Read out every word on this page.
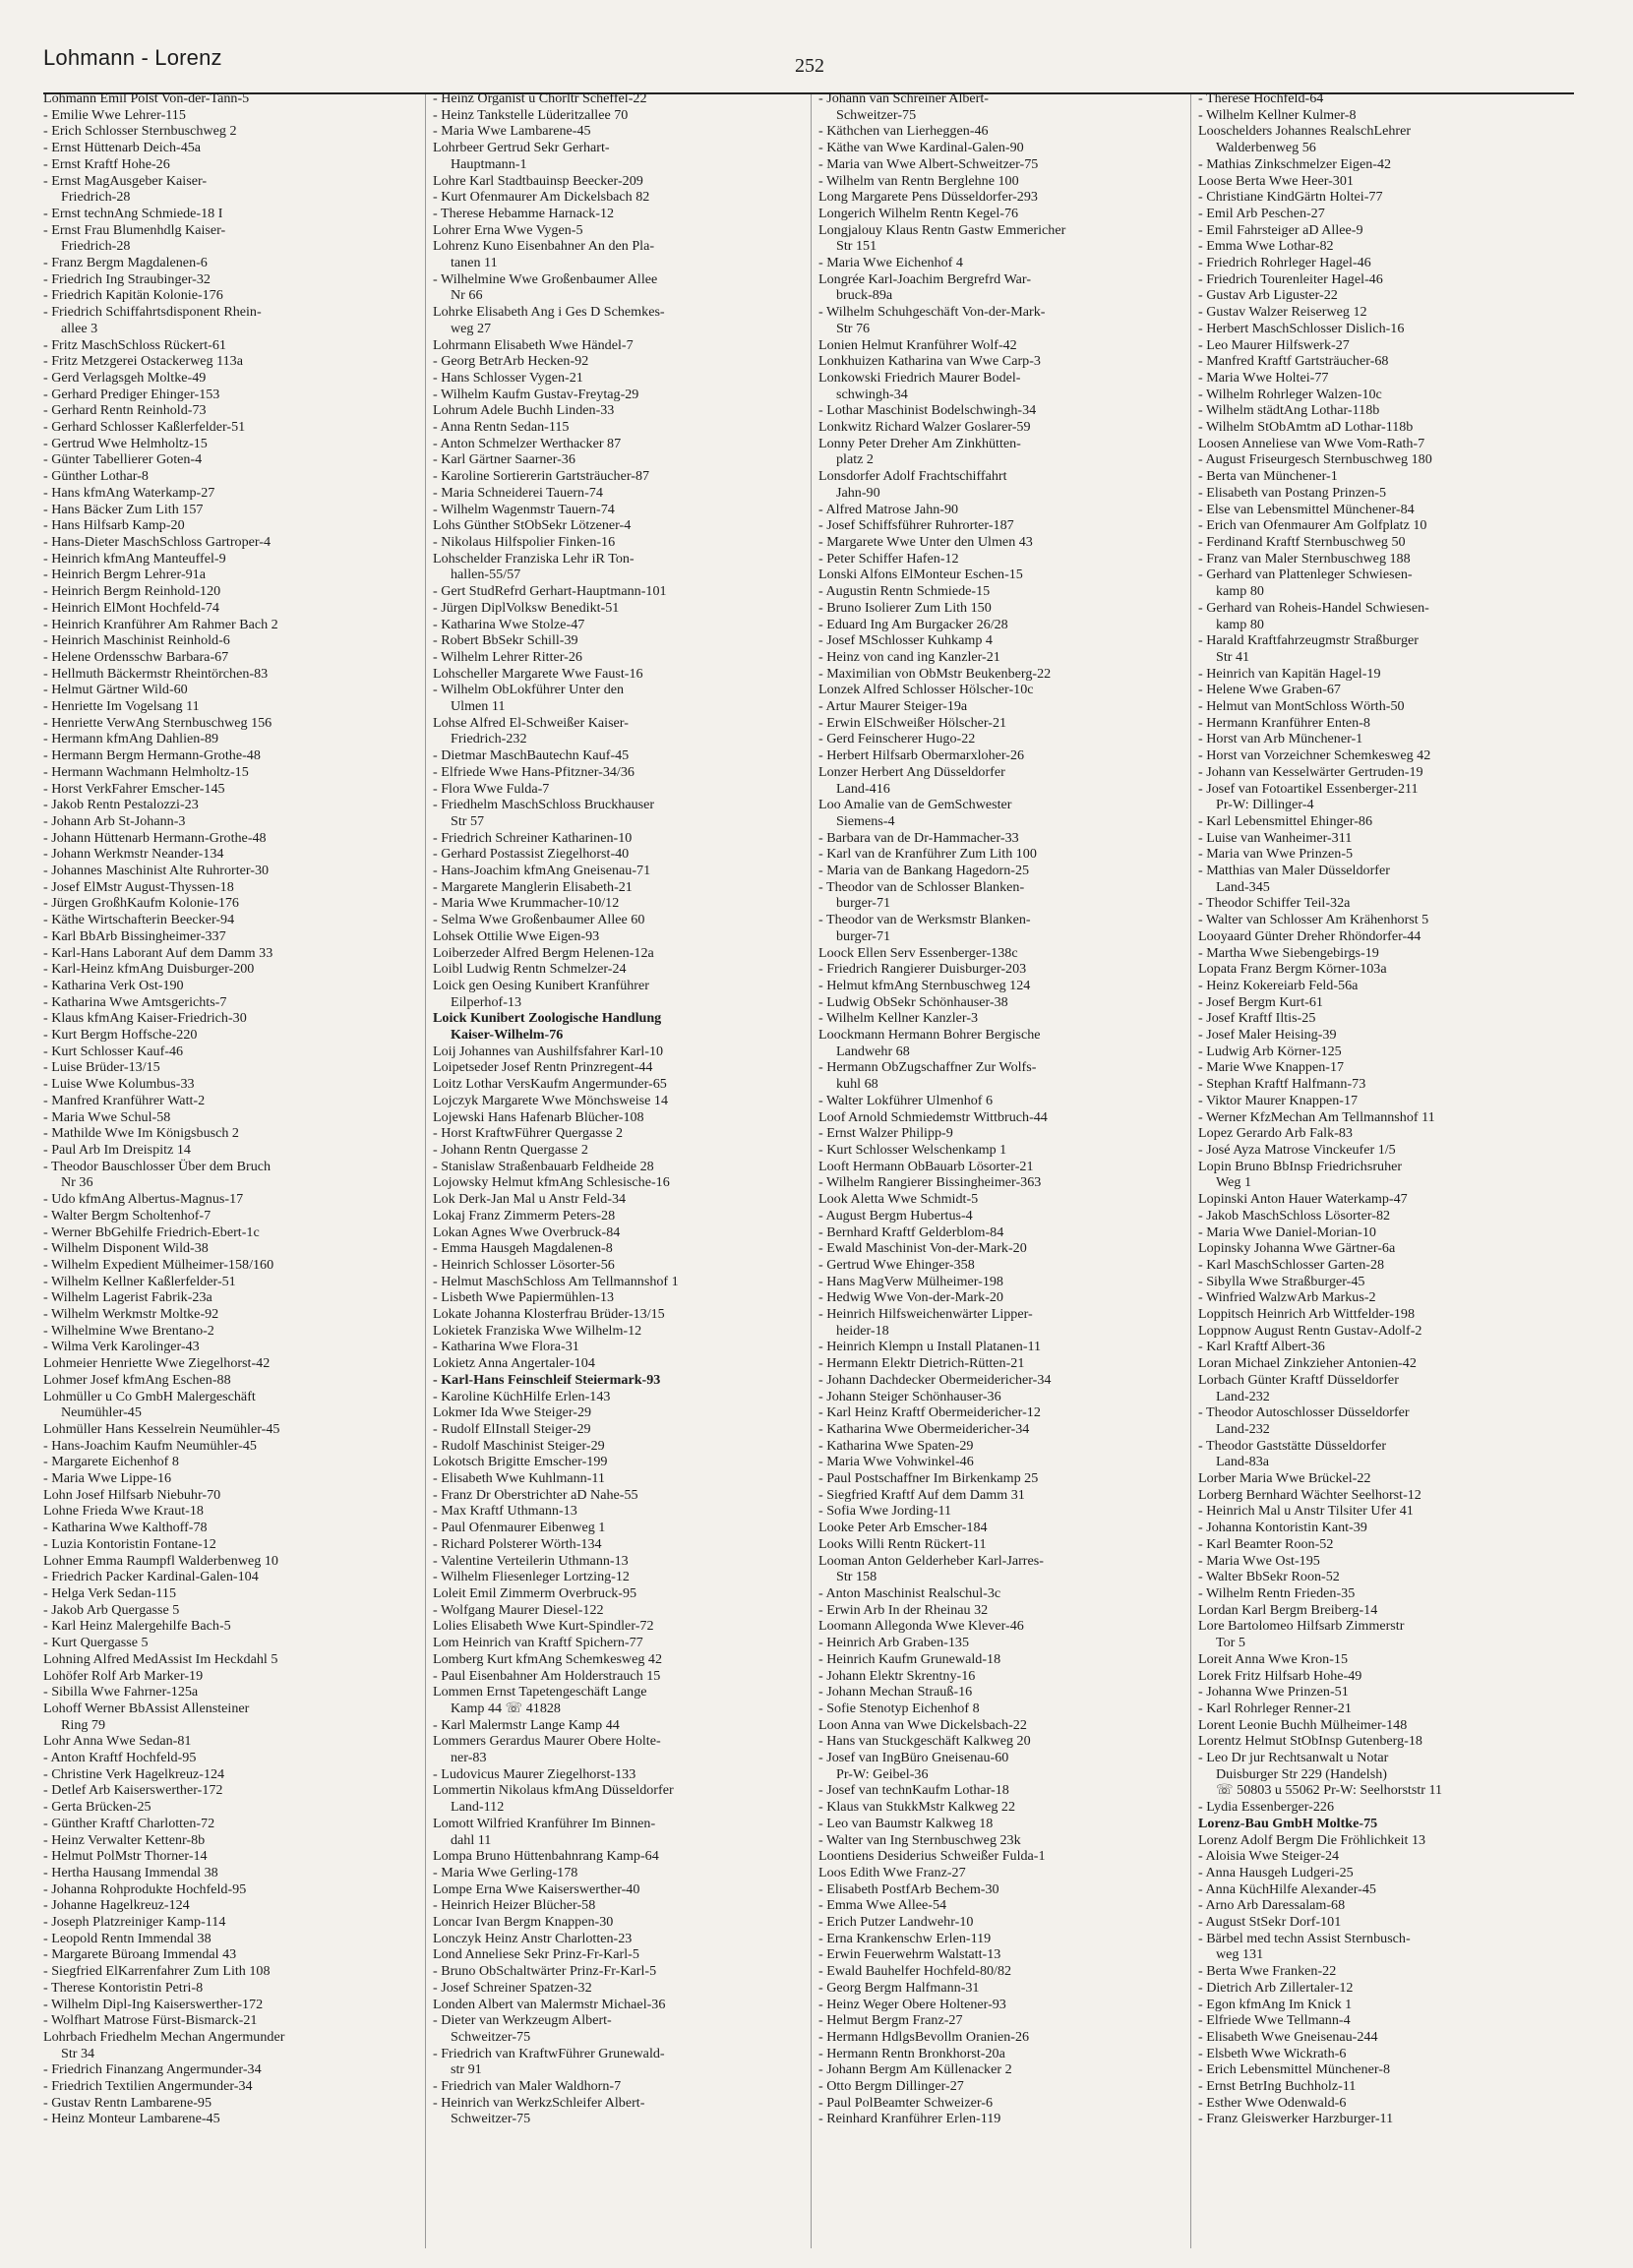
Lohmann - Lorenz	252
Lohmann Emil Polst Von-der-Tann-5
- Emilie Wwe Lehrer-115
- Erich Schlosser Sternbuschweg 2
- Ernst Hüttenarb Deich-45a
- Ernst Kraftf Hohe-26
- Ernst MagAusgeber Kaiser-
Friedrich-28
- Ernst technAng Schmiede-18 I
- Ernst Frau Blumenhdlg Kaiser-
Friedrich-28
- Franz Bergm Magdalenen-6
- Friedrich Ing Straubinger-32
- Friedrich Kapitän Kolonie-176
- Friedrich Schiffahrtsdisponent Rhein-
allee 3
- Fritz MaschSchloss Rückert-61
- Fritz Metzgerei Ostackerweg 113a
- Gerd Verlagsgeh Moltke-49
- Gerhard Prediger Ehinger-153
- Gerhard Rentn Reinhold-73
- Gerhard Schlosser Kaßlerfelder-51
- Gertrud Wwe Helmholtz-15
- Günter Tabellierer Goten-4
- Günther Lothar-8
- Hans kfmAng Waterkamp-27
- Hans Bäcker Zum Lith 157
- Hans Hilfsarb Kamp-20
- Hans-Dieter MaschSchloss Gartroper-4
- Heinrich kfmAng Manteuffel-9
- Heinrich Bergm Lehrer-91a
- Heinrich Bergm Reinhold-120
- Heinrich ElMont Hochfeld-74
- Heinrich Kranführer Am Rahmer Bach 2
- Heinrich Maschinist Reinhold-6
- Helene Ordensschw Barbara-67
- Hellmuth Bäckermstr Rheintörchen-83
- Helmut Gärtner Wild-60
- Henriette Im Vogelsang 11
- Henriette VerwAng Sternbuschweg 156
- Hermann kfmAng Dahlien-89
- Hermann Bergm Hermann-Grothe-48
- Hermann Wachmann Helmholtz-15
- Horst VerkFahrer Emscher-145
- Jakob Rentn Pestalozzi-23
- Johann Arb St-Johann-3
- Johann Hüttenarb Hermann-Grothe-48
- Johann Werkmstr Neander-134
- Johannes Maschinist Alte Ruhrorter-30
- Josef ElMstr August-Thyssen-18
- Jürgen GroßhKaufm Kolonie-176
- Käthe Wirtschafterin Beecker-94
- Karl BbArb Bissingheimer-337
- Karl-Hans Laborant Auf dem Damm 33
- Karl-Heinz kfmAng Duisburger-200
- Katharina Verk Ost-190
- Katharina Wwe Amtsgerichts-7
- Klaus kfmAng Kaiser-Friedrich-30
- Kurt Bergm Hoffsche-220
- Kurt Schlosser Kauf-46
- Luise Brüder-13/15
- Luise Wwe Kolumbus-33
- Manfred Kranführer Watt-2
- Maria Wwe Schul-58
- Mathilde Wwe Im Königsbusch 2
- Paul Arb Im Dreispitz 14
- Theodor Bauschlosser Über dem Bruch
Nr 36
- Udo kfmAng Albertus-Magnus-17
- Walter Bergm Scholtenhof-7
- Werner BbGehilfe Friedrich-Ebert-1c
- Wilhelm Disponent Wild-38
- Wilhelm Expedient Mülheimer-158/160
- Wilhelm Kellner Kaßlerfelder-51
- Wilhelm Lagerist Fabrik-23a
- Wilhelm Werkmstr Moltke-92
- Wilhelmine Wwe Brentano-2
- Wilma Verk Karolinger-43
Lohmeier Henriette Wwe Ziegelhorst-42
Lohmer Josef kfmAng Eschen-88
Lohmüller u Co GmbH Malergeschäft
Neumühler-45
Lohmüller Hans Kesselrein Neumühler-45
- Hans-Joachim Kaufm Neumühler-45
- Margarete Eichenhof 8
- Maria Wwe Lippe-16
Lohn Josef Hilfsarb Niebuhr-70
Lohne Frieda Wwe Kraut-18
- Katharina Wwe Kalthoff-78
- Luzia Kontoristin Fontane-12
Lohner Emma Raumpfl Walderbenweg 10
- Friedrich Packer Kardinal-Galen-104
- Helga Verk Sedan-115
- Jakob Arb Quergasse 5
- Karl Heinz Malergehilfe Bach-5
- Kurt Quergasse 5
Lohning Alfred MedAssist Im Heckdahl 5
Lohöfer Rolf Arb Marker-19
- Sibilla Wwe Fahrner-125a
Lohoff Werner BbAssist Allensteiner
Ring 79
Lohr Anna Wwe Sedan-81
- Anton Kraftf Hochfeld-95
- Christine Verk Hagelkreuz-124
- Detlef Arb Kaiserswerther-172
- Gerta Brücken-25
- Günther Kraftf Charlotten-72
- Heinz Verwalter Kettenr-8b
- Helmut PolMstr Thorner-14
- Hertha Hausang Immendal 38
- Johanna Rohprodukte Hochfeld-95
- Johanne Hagelkreuz-124
- Joseph Platzreiniger Kamp-114
- Leopold Rentn Immendal 38
- Margarete Büroang Immendal 43
- Siegfried ElKarrenfahrer Zum Lith 108
- Therese Kontoristin Petri-8
- Wilhelm Dipl-Ing Kaiserswerther-172
- Wolfhart Matrose Fürst-Bismarck-21
Lohrbach Friedhelm Mechan Angermunder
Str 34
- Friedrich Finanzang Angermunder-34
- Friedrich Textilien Angermunder-34
- Gustav Rentn Lambarene-95
- Heinz Monteur Lambarene-45
- Heinz Organist u Chorltr Scheffel-22
- Heinz Tankstelle Lüderitzallee 70
- Maria Wwe Lambarene-45
Lohrbeer Gertrud Sekr Gerhart-
Hauptmann-1
Lohre Karl Stadtbauinsp Beecker-209
- Kurt Ofenmaurer Am Dickelsbach 82
- Therese Hebamme Harnack-12
Lohrer Erna Wwe Vygen-5
Lohrenz Kuno Eisenbahner An den Pla-
tanen 11
- Wilhelmine Wwe Großenbaumer Allee
Nr 66
Lohrke Elisabeth Ang i Ges D Schemkes-
weg 27
Lohrmann Elisabeth Wwe Händel-7
- Georg BetrArb Hecken-92
- Hans Schlosser Vygen-21
- Wilhelm Kaufm Gustav-Freytag-29
Lohrum Adele Buchh Linden-33
- Anna Rentn Sedan-115
- Anton Schmelzer Werthacker 87
- Karl Gärtner Saarner-36
- Karoline Sortiererin Gartsträucher-87
- Maria Schneiderei Tauern-74
- Wilhelm Wagenmstr Tauern-74
Lohs Günther StObSekr Lötzener-4
- Nikolaus Hilfspolier Finken-16
Lohschelder Franziska Lehr iR Ton-
hallen-55/57
- Gert StudRefrd Gerhart-Hauptmann-101
- Jürgen DiplVolksw Benedikt-51
- Katharina Wwe Stolze-47
- Robert BbSekr Schill-39
- Wilhelm Lehrer Ritter-26
Lohscheller Margarete Wwe Faust-16
- Wilhelm ObLokführer Unter den
Ulmen 11
Lohse Alfred El-Schweißer Kaiser-
Friedrich-232
- Dietmar MaschBautechn Kauf-45
- Elfriede Wwe Hans-Pfitzner-34/36
- Flora Wwe Fulda-7
- Friedhelm MaschSchloss Bruckhauser
Str 57
- Friedrich Schreiner Katharinen-10
- Gerhard Postassist Ziegelhorst-40
- Hans-Joachim kfmAng Gneisenau-71
- Margarete Manglerin Elisabeth-21
- Maria Wwe Krummacher-10/12
- Selma Wwe Großenbaumer Allee 60
Lohsek Ottilie Wwe Eigen-93
Loiberzeder Alfred Bergm Helenen-12a
Loibl Ludwig Rentn Schmelzer-24
Loick gen Oesing Kunibert Kranführer
Eilperhof-13
Loick Kunibert Zoologische Handlung
Kaiser-Wilhelm-76
Loij Johannes van Aushilfsfahrer Karl-10
Loipetseder Josef Rentn Prinzregent-44
Loitz Lothar VersKaufm Angermunder-65
Lojczyk Margarete Wwe Mönchsweise 14
Lojewski Hans Hafenarb Blücher-108
- Horst KraftwFührer Quergasse 2
- Johann Rentn Quergasse 2
- Stanislaw Straßenbauarb Feldheide 28
Lojowsky Helmut kfmAng Schlesische-16
Lok Derk-Jan Mal u Anstr Feld-34
Lokaj Franz Zimmerm Peters-28
Lokan Agnes Wwe Overbruck-84
- Emma Hausgeh Magdalenen-8
- Heinrich Schlosser Lösorter-56
- Helmut MaschSchloss Am Tellmannshof 1
- Lisbeth Wwe Papiermühlen-13
Lokate Johanna Klosterfrau Brüder-13/15
Lokietek Franziska Wwe Wilhelm-12
- Katharina Wwe Flora-31
Lokietz Anna Angertaler-104
- Karl-Hans Feinschleif Steiermark-93
- Karoline KüchHilfe Erlen-143
Lokmer Ida Wwe Steiger-29
- Rudolf ElInstall Steiger-29
- Rudolf Maschinist Steiger-29
Lokotsch Brigitte Emscher-199
- Elisabeth Wwe Kuhlmann-11
- Franz Dr Oberstrichter aD Nahe-55
- Max Kraftf Uthmann-13
- Paul Ofenmaurer Eibenweg 1
- Richard Polsterer Wörth-134
- Valentine Verteilerin Uthmann-13
- Wilhelm Fliesenleger Lortzing-12
Loleit Emil Zimmerm Overbruck-95
- Wolfgang Maurer Diesel-122
Lolies Elisabeth Wwe Kurt-Spindler-72
Lom Heinrich van Kraftf Spichern-77
Lomberg Kurt kfmAng Schemkesweg 42
- Paul Eisenbahner Am Holderstrauch 15
Lommen Ernst Tapetengeschäft Lange
Kamp 44 ☏ 41828
- Karl Malermstr Lange Kamp 44
Lommers Gerardus Maurer Obere Holte-
ner-83
- Ludovicus Maurer Ziegelhorst-133
Lommertin Nikolaus kfmAng Düsseldorfer
Land-112
Lomott Wilfried Kranführer Im Binnen-
dahl 11
Lompa Bruno Hüttenbahnrang Kamp-64
- Maria Wwe Gerling-178
Lompe Erna Wwe Kaiserswerther-40
- Heinrich Heizer Blücher-58
Loncar Ivan Bergm Knappen-30
Lonczyk Heinz Anstr Charlotten-23
Lond Anneliese Sekr Prinz-Fr-Karl-5
- Bruno ObSchaltwärter Prinz-Fr-Karl-5
- Josef Schreiner Spatzen-32
Londen Albert van Malermstr Michael-36
- Dieter van Werkzeugm Albert-
Schweitzer-75
- Friedrich van KraftwFührer Grunewald-
str 91
- Friedrich van Maler Waldhorn-7
- Heinrich van WerkzSchleifer Albert-
Schweitzer-75
- Johann van Schreiner Albert-
Schweitzer-75
- Käthchen van Lierheggen-46
- Käthe van Wwe Kardinal-Galen-90
- Maria van Wwe Albert-Schweitzer-75
- Wilhelm van Rentn Berglehne 100
Long Margarete Pens Düsseldorfer-293
Longerich Wilhelm Rentn Kegel-76
Longjalouy Klaus Rentn Gastw Emmericher
Str 151
- Maria Wwe Eichenhof 4
Longrée Karl-Joachim Bergrefrd War-
bruck-89a
- Wilhelm Schuhgeschäft Von-der-Mark-
Str 76
Lonien Helmut Kranführer Wolf-42
Lonkhuizen Katharina van Wwe Carp-3
Lonkowski Friedrich Maurer Bodel-
schwingh-34
- Lothar Maschinist Bodelschwingh-34
Lonkwitz Richard Walzer Goslarer-59
Lonny Peter Dreher Am Zinkhütten-
platz 2
Lonsdorfer Adolf Frachtschiffahrt
Jahn-90
- Alfred Matrose Jahn-90
- Josef Schiffsführer Ruhrorter-187
- Margarete Wwe Unter den Ulmen 43
- Peter Schiffer Hafen-12
Lonski Alfons ElMonteur Eschen-15
- Augustin Rentn Schmiede-15
- Bruno Isolierer Zum Lith 150
- Eduard Ing Am Burgacker 26/28
- Josef MSchlosser Kuhkamp 4
- Heinz von cand ing Kanzler-21
- Maximilian von ObMstr Beukenberg-22
Lonzek Alfred Schlosser Hölscher-10c
- Artur Maurer Steiger-19a
- Erwin ElSchweißer Hölscher-21
- Gerd Feinscherer Hugo-22
- Herbert Hilfsarb Obermarxloher-26
Lonzer Herbert Ang Düsseldorfer
Land-416
Loo Amalie van de GemSchwester
Siemens-4
- Barbara van de Dr-Hammacher-33
- Karl van de Kranführer Zum Lith 100
- Maria van de Bankang Hagedorn-25
- Theodor van de Schlosser Blanken-
burger-71
- Theodor van de Werksmstr Blanken-
burger-71
Loock Ellen Serv Essenberger-138c
- Friedrich Rangierer Duisburger-203
- Helmut kfmAng Sternbuschweg 124
- Ludwig ObSekr Schönhauser-38
- Wilhelm Kellner Kanzler-3
Loockmann Hermann Bohrer Bergische
Landwehr 68
- Hermann ObZugschaffner Zur Wolfs-
kuhl 68
- Walter Lokführer Ulmenhof 6
Loof Arnold Schmiedemstr Wittbruch-44
- Ernst Walzer Philipp-9
- Kurt Schlosser Welschenkamp 1
Looft Hermann ObBauarb Lösorter-21
- Wilhelm Rangierer Bissingheimer-363
Look Aletta Wwe Schmidt-5
- August Bergm Hubertus-4
- Bernhard Kraftf Gelderblom-84
- Ewald Maschinist Von-der-Mark-20
- Gertrud Wwe Ehinger-358
- Hans MagVerw Mülheimer-198
- Hedwig Wwe Von-der-Mark-20
- Heinrich Hilfsweichenwärter Lipper-
heider-18
- Heinrich Klempn u Install Platanen-11
- Hermann Elektr Dietrich-Rütten-21
- Johann Dachdecker Obermeidericher-34
- Johann Steiger Schönhauser-36
- Karl Heinz Kraftf Obermeidericher-12
- Katharina Wwe Obermeidericher-34
- Katharina Wwe Spaten-29
- Maria Wwe Vohwinkel-46
- Paul Postschaffner Im Birkenkamp 25
- Siegfried Kraftf Auf dem Damm 31
- Sofia Wwe Jording-11
Looke Peter Arb Emscher-184
Looks Willi Rentn Rückert-11
Looman Anton Gelderheber Karl-Jarres-
Str 158
- Anton Maschinist Realschul-3c
- Erwin Arb In der Rheinau 32
Loomann Allegonda Wwe Klever-46
- Heinrich Arb Graben-135
- Heinrich Kaufm Grunewald-18
- Johann Elektr Skrentny-16
- Johann Mechan Strauß-16
- Sofie Stenotyp Eichenhof 8
Loon Anna van Wwe Dickelsbach-22
- Hans van Stuckgeschäft Kalkweg 20
- Josef van IngBüro Gneisenau-60
Pr-W: Geibel-36
- Josef van technKaufm Lothar-18
- Klaus van StukkMstr Kalkweg 22
- Leo van Baumstr Kalkweg 18
- Walter van Ing Sternbuschweg 23k
Loontiens Desiderius Schweißer Fulda-1
Loos Edith Wwe Franz-27
- Elisabeth PostfArb Bechem-30
- Emma Wwe Allee-54
- Erich Putzer Landwehr-10
- Erna Krankenschw Erlen-119
- Erwin Feuerwehrm Walstatt-13
- Ewald Bauhelfer Hochfeld-80/82
- Georg Bergm Halfmann-31
- Heinz Weger Obere Holtener-93
- Helmut Bergm Franz-27
- Hermann HdlgsBevollm Oranien-26
- Hermann Rentn Bronkhorst-20a
- Johann Bergm Am Küllenacker 2
- Otto Bergm Dillinger-27
- Paul PolBeamter Schweizer-6
- Reinhard Kranführer Erlen-119
- Therese Hochfeld-64
- Wilhelm Kellner Kulmer-8
Looschelders Johannes RealschLehrer
Walderbenweg 56
- Mathias Zinkschmelzer Eigen-42
Loose Berta Wwe Heer-301
- Christiane KindGärtn Holtei-77
- Emil Arb Peschen-27
- Emil Fahrsteiger aD Allee-9
- Emma Wwe Lothar-82
- Friedrich Rohrleger Hagel-46
- Friedrich Tourenleiter Hagel-46
- Gustav Arb Liguster-22
- Gustav Walzer Reiserweg 12
- Herbert MaschSchlosser Dislich-16
- Leo Maurer Hilfswerk-27
- Manfred Kraftf Gartsträucher-68
- Maria Wwe Holtei-77
- Wilhelm Rohrleger Walzen-10c
- Wilhelm städtAng Lothar-118b
- Wilhelm StObAmtm aD Lothar-118b
Loosen Anneliese van Wwe Vom-Rath-7
- August Friseurgesch Sternbuschweg 180
- Berta van Münchener-1
- Elisabeth van Postang Prinzen-5
- Else van Lebensmittel Münchener-84
- Erich van Ofenmaurer Am Golfplatz 10
- Ferdinand Kraftf Sternbuschweg 50
- Franz van Maler Sternbuschweg 188
- Gerhard van Plattenleger Schwiesen-
kamp 80
- Gerhard van Roheis-Handel Schwiesen-
kamp 80
- Harald Kraftfahrzeugmstr Straßburger
Str 41
- Heinrich van Kapitän Hagel-19
- Helene Wwe Graben-67
- Helmut van MontSchloss Wörth-50
- Hermann Kranführer Enten-8
- Horst van Arb Münchener-1
- Horst van Vorzeichner Schemkesweg 42
- Johann van Kesselwärter Gertruden-19
- Josef van Fotoartikel Essenberger-211
Pr-W: Dillinger-4
- Karl Lebensmittel Ehinger-86
- Luise van Wanheimer-311
- Maria van Wwe Prinzen-5
- Matthias van Maler Düsseldorfer
Land-345
- Theodor Schiffer Teil-32a
- Walter van Schlosser Am Krähenhorst 5
Looyaard Günter Dreher Rhöndorfer-44
- Martha Wwe Siebengebirgs-19
Lopata Franz Bergm Körner-103a
- Heinz Kokereiarb Feld-56a
- Josef Bergm Kurt-61
- Josef Kraftf Iltis-25
- Josef Maler Heising-39
- Ludwig Arb Körner-125
- Marie Wwe Knappen-17
- Stephan Kraftf Halfmann-73
- Viktor Maurer Knappen-17
- Werner KfzMechan Am Tellmannshof 11
Lopez Gerardo Arb Falk-83
- José Ayza Matrose Vinckeufer 1/5
Lopin Bruno BbInsp Friedrichsruher
Weg 1
Lopinski Anton Hauer Waterkamp-47
- Jakob MaschSchloss Lösorter-82
- Maria Wwe Daniel-Morian-10
Lopinsky Johanna Wwe Gärtner-6a
- Karl MaschSchlosser Garten-28
- Sibylla Wwe Straßburger-45
- Winfried WalzwArb Markus-2
Loppitsch Heinrich Arb Wittfelder-198
Loppnow August Rentn Gustav-Adolf-2
- Karl Kraftf Albert-36
Loran Michael Zinkzieher Antonien-42
Lorbach Günter Kraftf Düsseldorfer
Land-232
- Theodor Autoschlosser Düsseldorfer
Land-232
- Theodor Gaststätte Düsseldorfer
Land-83a
Lorber Maria Wwe Brückel-22
Lorberg Bernhard Wächter Seelhorst-12
- Heinrich Mal u Anstr Tilsiter Ufer 41
- Johanna Kontoristin Kant-39
- Karl Beamter Roon-52
- Maria Wwe Ost-195
- Walter BbSekr Roon-52
- Wilhelm Rentn Frieden-35
Lordan Karl Bergm Breiberg-14
Lore Bartolomeo Hilfsarb Zimmerstr
Tor 5
Loreit Anna Wwe Kron-15
Lorek Fritz Hilfsarb Hohe-49
- Johanna Wwe Prinzen-51
- Karl Rohrleger Renner-21
Lorent Leonie Buchh Mülheimer-148
Lorentz Helmut StObInsp Gutenberg-18
- Leo Dr jur Rechtsanwalt u Notar
Duisburger Str 229 (Handelsh)
☏ 50803 u 55062 Pr-W: Seelhorststr 11
- Lydia Essenberger-226
Lorenz-Bau GmbH Moltke-75
Lorenz Adolf Bergm Die Fröhlichkeit 13
- Aloisia Wwe Steiger-24
- Anna Hausgeh Ludgeri-25
- Anna KüchHilfe Alexander-45
- Arno Arb Daressalam-68
- August StSekr Dorf-101
- Bärbel med techn Assist Sternbusch-
weg 131
- Berta Wwe Franken-22
- Dietrich Arb Zillertaler-12
- Egon kfmAng Im Knick 1
- Elfriede Wwe Tellmann-4
- Elisabeth Wwe Gneisenau-244
- Elsbeth Wwe Wickrath-6
- Erich Lebensmittel Münchener-8
- Ernst BetrIng Buchholz-11
- Esther Wwe Odenwald-6
- Franz Gleiswerker Harzburger-11
